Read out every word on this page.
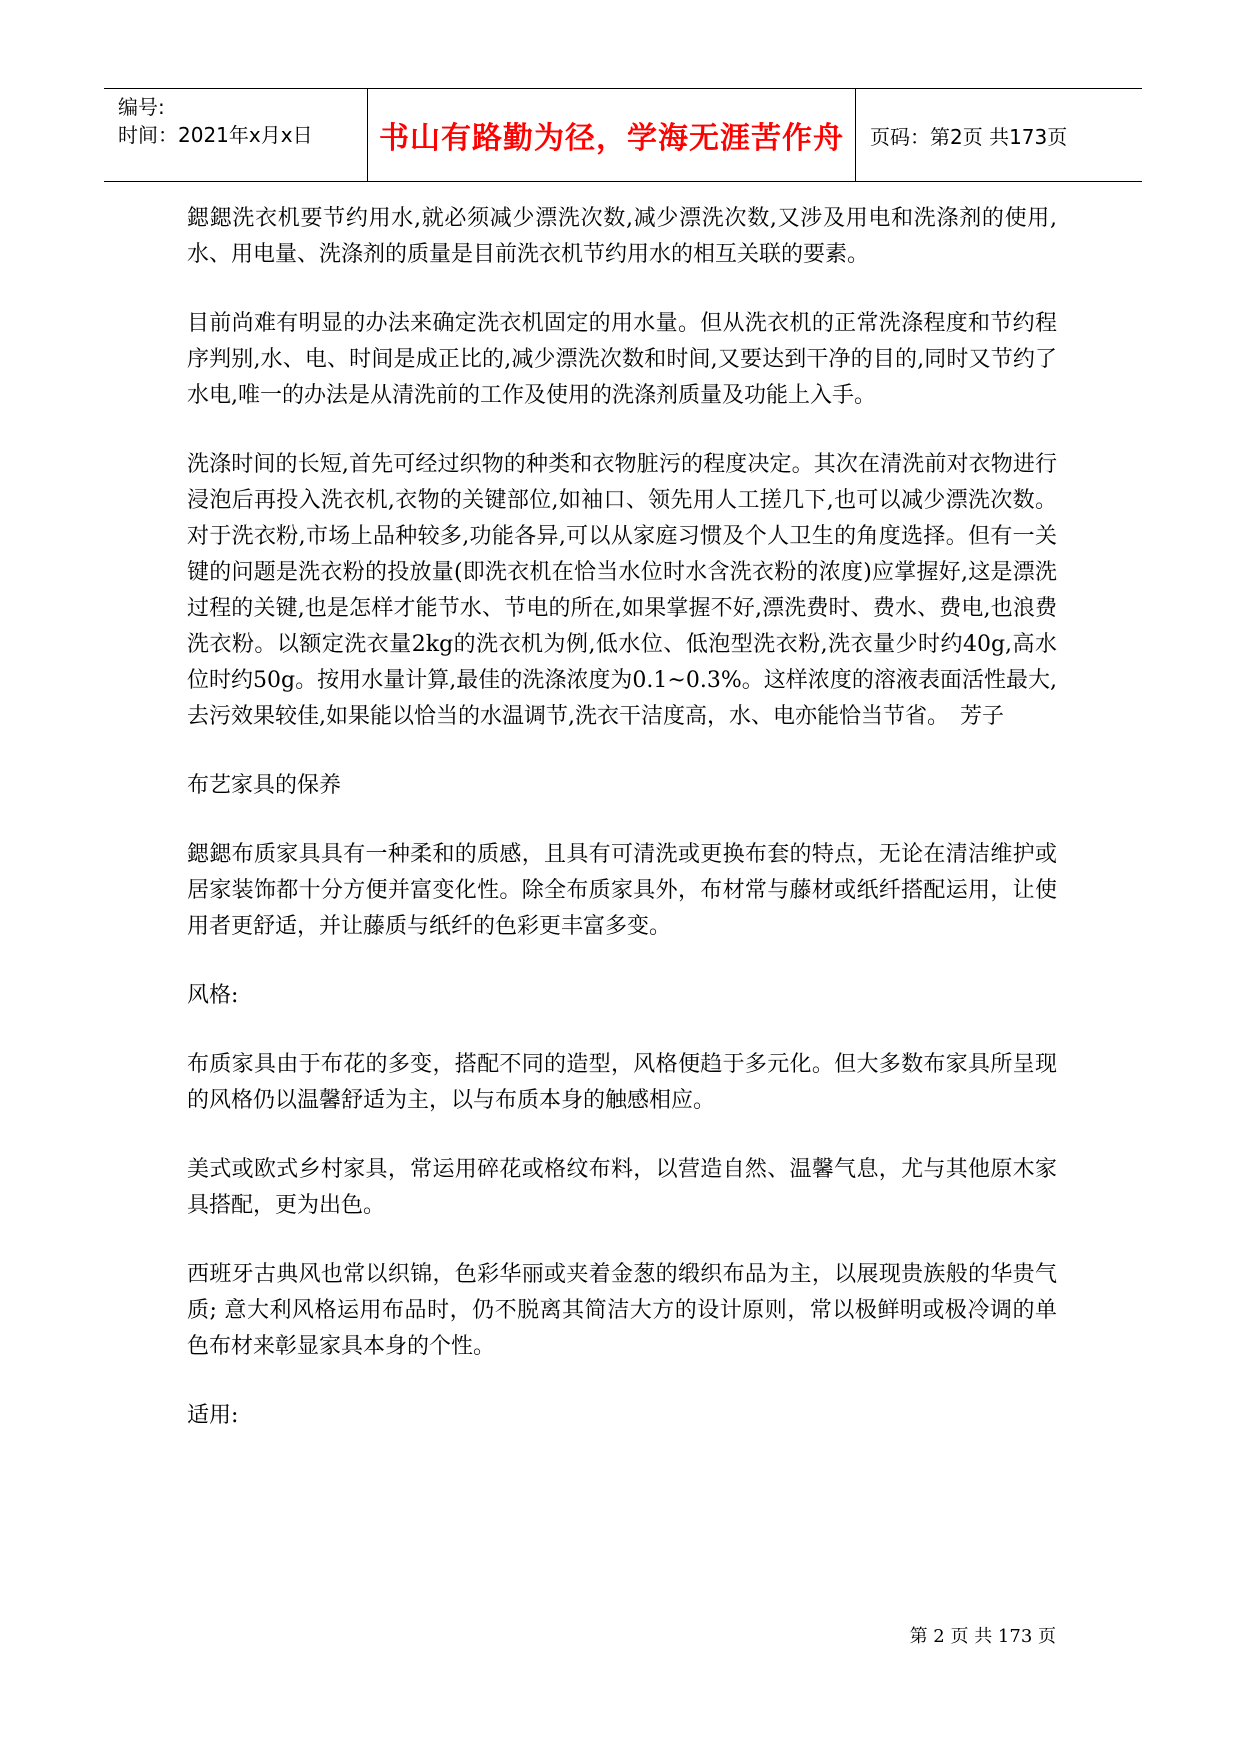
编号:
时间：2021年x月x日	书山有路勤为径，学海无涯苦作舟	页码：第2页 共173页

鍶鍶洗衣机要节约用水,就必须减少漂洗次数,减少漂洗次数,又涉及用电和洗涤剂的使用,水、用电量、洗涤剂的质量是目前洗衣机节约用水的相互关联的要素。

目前尚难有明显的办法来确定洗衣机固定的用水量。但从洗衣机的正常洗涤程度和节约程序判别,水、电、时间是成正比的,减少漂洗次数和时间,又要达到干净的目的,同时又节约了水电,唯一的办法是从清洗前的工作及使用的洗涤剂质量及功能上入手。

洗涤时间的长短,首先可经过织物的种类和衣物脏污的程度决定。其次在清洗前对衣物进行浸泡后再投入洗衣机,衣物的关键部位,如袖口、领先用人工搓几下,也可以减少漂洗次数。对于洗衣粉,市场上品种较多,功能各异,可以从家庭习惯及个人卫生的角度选择。但有一关键的问题是洗衣粉的投放量(即洗衣机在恰当水位时水含洗衣粉的浓度)应掌握好,这是漂洗过程的关键,也是怎样才能节水、节电的所在,如果掌握不好,漂洗费时、费水、费电,也浪费洗衣粉。以额定洗衣量2kg的洗衣机为例,低水位、低泡型洗衣粉,洗衣量少时约40g,高水位时约50g。按用水量计算,最佳的洗涤浓度为0.1~0.3%。这样浓度的溶液表面活性最大,去污效果较佳,如果能以恰当的水温调节,洗衣干洁度高，水、电亦能恰当节省。　芳子

布艺家具的保养

鍶鍶布质家具具有一种柔和的质感，且具有可清洗或更换布套的特点，无论在清洁维护或居家装饰都十分方便并富变化性。除全布质家具外，布材常与藤材或纸纤搭配运用，让使用者更舒适，并让藤质与纸纤的色彩更丰富多变。

风格:

布质家具由于布花的多变，搭配不同的造型，风格便趋于多元化。但大多数布家具所呈现的风格仍以温馨舒适为主，以与布质本身的触感相应。

美式或欧式乡村家具，常运用碎花或格纹布料，以营造自然、温馨气息，尤与其他原木家具搭配，更为出色。

西班牙古典风也常以织锦，色彩华丽或夹着金葱的缎织布品为主，以展现贵族般的华贵气质; 意大利风格运用布品时，仍不脱离其简洁大方的设计原则，常以极鲜明或极冷调的单色布材来彰显家具本身的个性。

适用:

第 2 页 共 173 页
